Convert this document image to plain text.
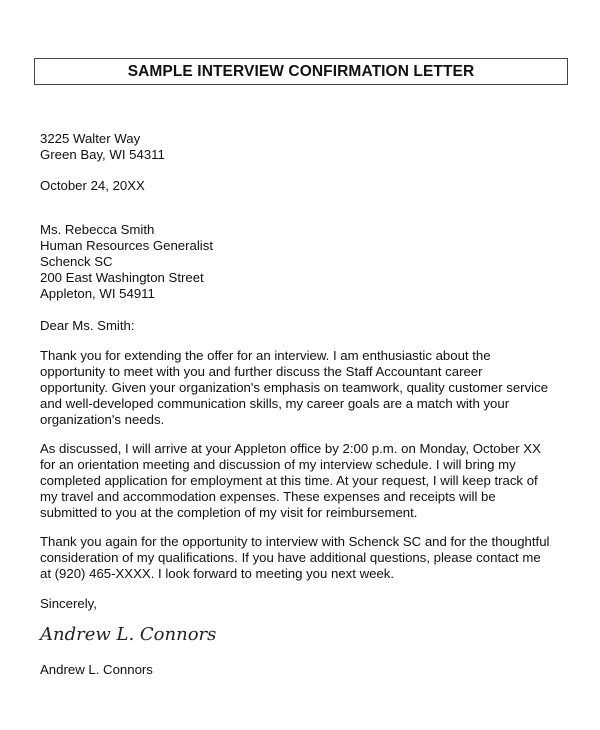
SAMPLE INTERVIEW CONFIRMATION LETTER
3225 Walter Way
Green Bay, WI 54311
October 24, 20XX
Ms. Rebecca Smith
Human Resources Generalist
Schenck SC
200 East Washington Street
Appleton, WI 54911
Dear Ms. Smith:
Thank you for extending the offer for an interview. I am enthusiastic about the
opportunity to meet with you and further discuss the Staff Accountant career
opportunity. Given your organization's emphasis on teamwork, quality customer service
and well-developed communication skills, my career goals are a match with your
organization's needs.
As discussed, I will arrive at your Appleton office by 2:00 p.m. on Monday, October XX
for an orientation meeting and discussion of my interview schedule. I will bring my
completed application for employment at this time. At your request, I will keep track of
my travel and accommodation expenses. These expenses and receipts will be
submitted to you at the completion of my visit for reimbursement.
Thank you again for the opportunity to interview with Schenck SC and for the thoughtful
consideration of my qualifications. If you have additional questions, please contact me
at (920) 465-XXXX. I look forward to meeting you next week.
Sincerely,
Andrew L. Connors
Andrew L. Connors
